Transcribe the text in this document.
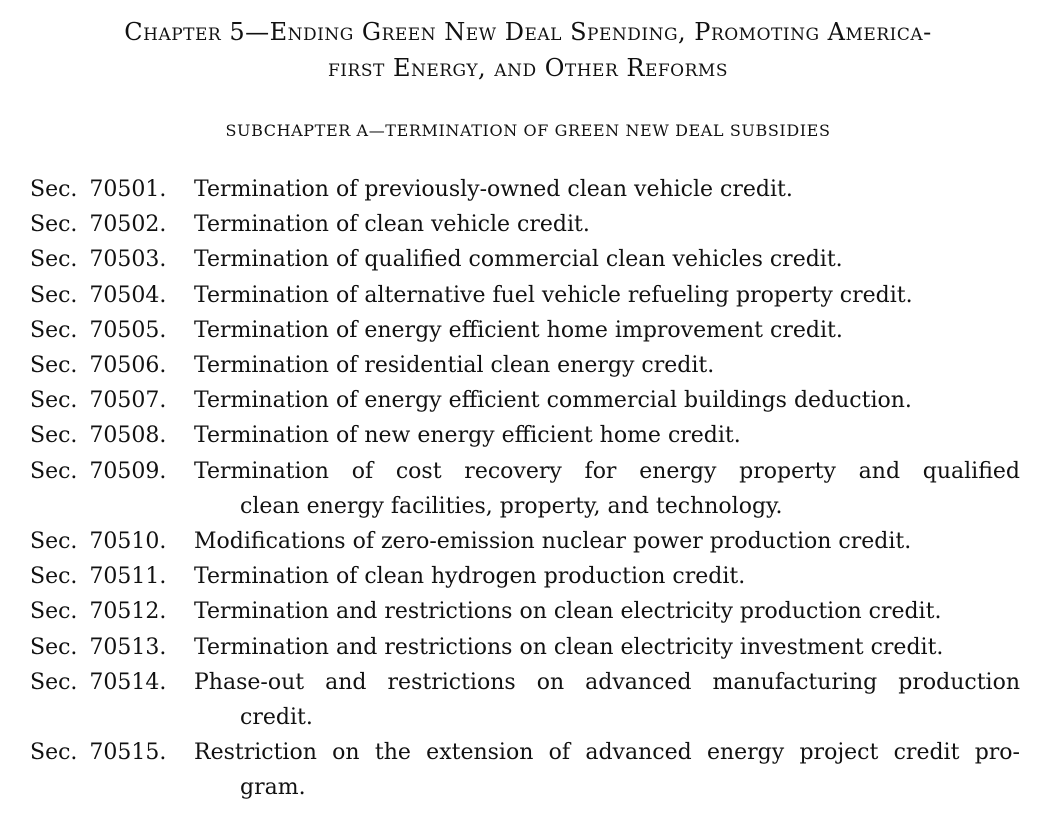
Chapter 5—Ending Green New Deal Spending, Promoting America-
first Energy, and Other Reforms
SUBCHAPTER A—TERMINATION OF GREEN NEW DEAL SUBSIDIES
Sec. 70501. Termination of previously-owned clean vehicle credit.
Sec. 70502. Termination of clean vehicle credit.
Sec. 70503. Termination of qualified commercial clean vehicles credit.
Sec. 70504. Termination of alternative fuel vehicle refueling property credit.
Sec. 70505. Termination of energy efficient home improvement credit.
Sec. 70506. Termination of residential clean energy credit.
Sec. 70507. Termination of energy efficient commercial buildings deduction.
Sec. 70508. Termination of new energy efficient home credit.
Sec. 70509. Termination of cost recovery for energy property and qualified
clean energy facilities, property, and technology.
Sec. 70510. Modifications of zero-emission nuclear power production credit.
Sec. 70511. Termination of clean hydrogen production credit.
Sec. 70512. Termination and restrictions on clean electricity production credit.
Sec. 70513. Termination and restrictions on clean electricity investment credit.
Sec. 70514. Phase-out and restrictions on advanced manufacturing production
credit.
Sec. 70515. Restriction on the extension of advanced energy project credit pro-
gram.
